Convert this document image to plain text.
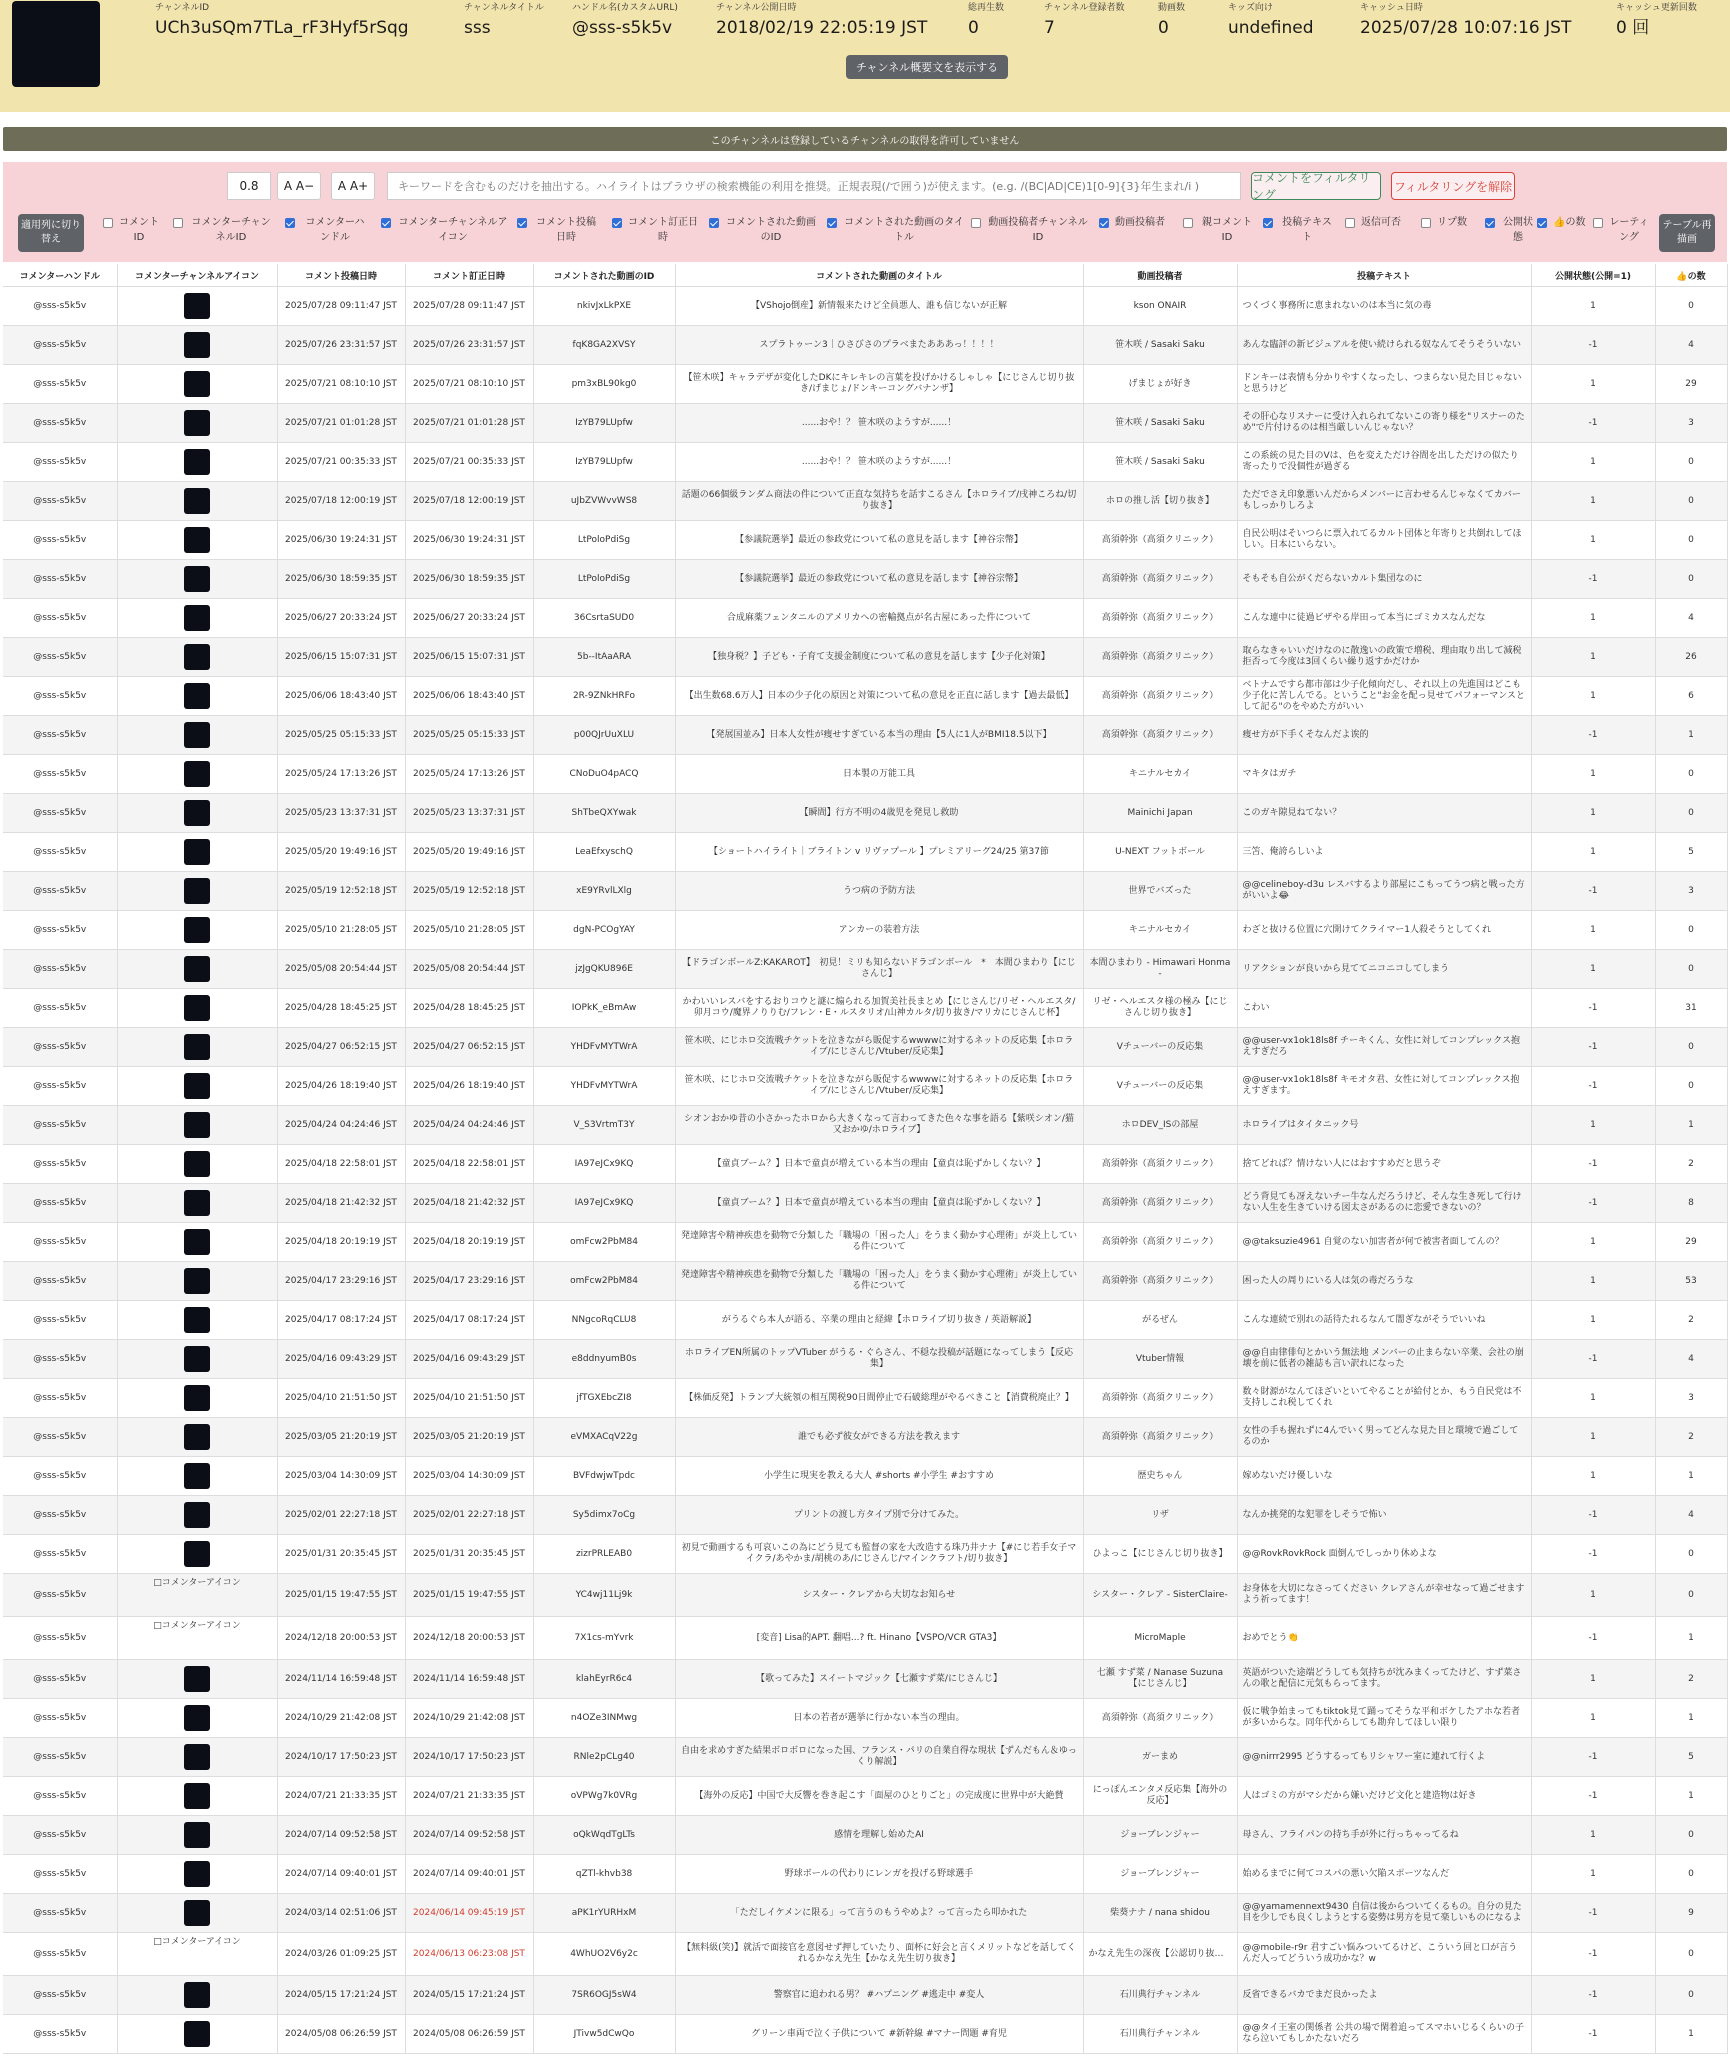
チャンネルID
UCh3uSQm7TLa_rF3Hyf5rSqg
チャンネルタイトル
sss
ハンドル名(カスタムURL)
@sss-s5k5v
チャンネル公開日時
2018/02/19 22:05:19 JST
総再生数
0
チャンネル登録者数
7
動画数
0
キッズ向け
undefined
キャッシュ日時
2025/07/28 10:07:16 JST
キャッシュ更新回数
0 回
チャンネル概要文を表示する
このチャンネルは登録しているチャンネルの取得を許可していません
0.8	A A−	A A+	キーワードを含むものだけを抽出する。ハイライトはブラウザの検索機能の利用を推奨。正規表現(/で囲う)が使えます。(e.g. /(BC|AD|CE)1[0-9]{3}年生まれ/i )
コメントをフィルタリング
フィルタリングを解除
適用列に切り替え
コメントID
コメンターチャンネルID
コメンターハンドル
コメンターチャンネルアイコン
コメント投稿日時
コメント訂正日時
コメントされた動画のID
コメントされた動画のタイトル
動画投稿者チャンネルID
動画投稿者	親コメントID
投稿テキスト
返信可否	リプ数	公開状態
👍の数 レーティング
テーブル再描画
コメンターハンドル	コメンターチャンネルアイコン	コメント投稿日時	コメント訂正日時	コメントされた動画のID	コメントされた動画のタイトル	動画投稿者	投稿テキスト	公開状態(公開=1)	👍の数
@sss-s5k5v		2025/07/28 09:11:47 JST	2025/07/28 09:11:47 JST	nkivJxLkPXE	【VShojo倒産】新情報来たけど全員悪人、誰も信じないが正解	kson ONAIR	つくづく事務所に恵まれないのは本当に気の毒	1	0
@sss-s5k5v		2025/07/26 23:31:57 JST	2025/07/26 23:31:57 JST	fqK8GA2XVSY	スプラトゥーン3｜ひさびさのプラベまたあああっ！！！！	笹木咲 / Sasaki Saku	あんな臨評の新ビジュアルを使い続けられる奴なんてそうそういない	-1	4
@sss-s5k5v		2025/07/21 08:10:10 JST	2025/07/21 08:10:10 JST	pm3xBL90kg0	【笹木咲】キャラデザが変化したDKにキレキレの言葉を投げかけるしゃしゃ【にじさんじ切り抜き/げまじょ/ドンキーコングバナンザ】	げまじょが好き	ドンキーは表情も分かりやすくなったし、つまらない見た目じゃないと思うけど	1	29
@sss-s5k5v		2025/07/21 01:01:28 JST	2025/07/21 01:01:28 JST	IzYB79LUpfw	......おや！？ 笹木咲のようすが......！	笹木咲 / Sasaki Saku	その肝心なリスナーに受け入れられてないこの寄り様を"リスナーのため"で片付けるのは相当厳しいんじゃない？	-1	3
@sss-s5k5v		2025/07/21 00:35:33 JST	2025/07/21 00:35:33 JST	IzYB79LUpfw	......おや！？ 笹木咲のようすが......！	笹木咲 / Sasaki Saku	この系統の見た目のVは、色を変えただけ谷間を出しただけの似たり寄ったりで没個性が過ぎる	1	0
@sss-s5k5v		2025/07/18 12:00:19 JST	2025/07/18 12:00:19 JST	uJbZVWvvWS8	話題の66個級ランダム商法の件について正直な気持ちを話すこるさん【ホロライブ/戌神ころね/切り抜き】	ホロの推し活【切り抜き】	ただでさえ印象悪いんだからメンバーに言わせるんじゃなくてカバーもしっかりしろよ	1	0
@sss-s5k5v		2025/06/30 19:24:31 JST	2025/06/30 19:24:31 JST	LtPoloPdiSg	【参議院選挙】最近の参政党について私の意見を話します【神谷宗幣】	高須幹弥（高須クリニック）	自民公明はそいつらに票入れてるカルト団体と年寄りと共倒れしてほしい。日本にいらない。	1	0
@sss-s5k5v		2025/06/30 18:59:35 JST	2025/06/30 18:59:35 JST	LtPoloPdiSg	【参議院選挙】最近の参政党について私の意見を話します【神谷宗幣】	高須幹弥（高須クリニック）	そもそも自公がくだらないカルト集団なのに	-1	0
@sss-s5k5v		2025/06/27 20:33:24 JST	2025/06/27 20:33:24 JST	36CsrtaSUD0	合成麻薬フェンタニルのアメリカへの密輸拠点が名古屋にあった件について	高須幹弥（高須クリニック）	こんな連中に徒過ビザやる岸田って本当にゴミカスなんだな	1	4
@sss-s5k5v		2025/06/15 15:07:31 JST	2025/06/15 15:07:31 JST	5b--ItAaARA	【独身税？】子ども・子育て支援金制度について私の意見を話します【少子化対策】	高須幹弥（高須クリニック）	取らなきゃいいだけなのに散逸いの政策で増税、理由取り出して減税拒否って今度は3回くらい繰り返すかだけか	1	26
@sss-s5k5v		2025/06/06 18:43:40 JST	2025/06/06 18:43:40 JST	2R-9ZNkHRFo	【出生数68.6万人】日本の少子化の原因と対策について私の意見を正直に話します【過去最低】	高須幹弥（高須クリニック）	ベトナムですら都市部は少子化傾向だし、それ以上の先進国はどこも少子化に苦しんでる。ということ"お金を配っ見せてパフォーマンスとして記る"のをやめた方がいい	1	6
@sss-s5k5v		2025/05/25 05:15:33 JST	2025/05/25 05:15:33 JST	p00QJrUuXLU	【発展国並み】日本人女性が痩せすぎている本当の理由【5人に1人がBMI18.5以下】	高須幹弥（高須クリニック）	痩せ方が下手くそなんだよ诶的	-1	1
@sss-s5k5v		2025/05/24 17:13:26 JST	2025/05/24 17:13:26 JST	CNoDuO4pACQ	日本製の万能工具	キニナルセカイ	マキタはガチ	1	0
@sss-s5k5v		2025/05/23 13:37:31 JST	2025/05/23 13:37:31 JST	ShTbeQXYwak	【瞬間】行方不明の4歳児を発見し救助	Mainichi Japan	このガキ隙見ねてない？	1	0
@sss-s5k5v		2025/05/20 19:49:16 JST	2025/05/20 19:49:16 JST	LeaEfxyschQ	【ショートハイライト｜ブライトン v リヴァプール 】プレミアリーグ24/25 第37節	U-NEXT フットボール	三笘、俺誇らしいよ	1	5
@sss-s5k5v		2025/05/19 12:52:18 JST	2025/05/19 12:52:18 JST	xE9YRvlLXlg	うつ病の予防方法	世界でバズった	@@celineboy-d3u レスバするより部屋にこもってうつ病と戦った方がいいよ😂	-1	3
@sss-s5k5v		2025/05/10 21:28:05 JST	2025/05/10 21:28:05 JST	dgN-PCOgYAY	アンカーの装着方法	キニナルセカイ	わざと抜ける位置に穴開けてクライマー1人殺そうとしてくれ	1	0
@sss-s5k5v		2025/05/08 20:54:44 JST	2025/05/08 20:54:44 JST	jzJgQKU896E	【ドラゴンボールZ:KAKAROT】　初見！ミリも知らないドラゴンボール　*　本間ひまわり【にじさんじ】	本間ひまわり - Himawari Honma -	リアクションが良いから見ててニコニコしてしまう	1	0
@sss-s5k5v		2025/04/28 18:45:25 JST	2025/04/28 18:45:25 JST	IOPkK_eBmAw	かわいいレスバをするおりコウと謎に煽られる加賀美社長まとめ【にじさんじ/リゼ・ヘルエスタ/卯月コウ/魔界ノりりむ/フレン・E・ルスタリオ/山神カルタ/切り抜き/マリカにじさんじ杯】	リゼ・ヘルエスタ様の極み【にじさんじ切り抜き】	こわい	-1	31
@sss-s5k5v		2025/04/27 06:52:15 JST	2025/04/27 06:52:15 JST	YHDFvMYTWrA	笹木咲、にじホロ交流戦チケットを泣きながら販促するwwwwに対するネットの反応集【ホロライブ/にじさんじ/Vtuber/反応集】	Vチューバーの反応集	@@user-vx1ok18ls8f チーキくん、女性に対してコンプレックス抱えすぎだろ	-1	0
@sss-s5k5v		2025/04/26 18:19:40 JST	2025/04/26 18:19:40 JST	YHDFvMYTWrA	笹木咲、にじホロ交流戦チケットを泣きながら販促するwwwwに対するネットの反応集【ホロライブ/にじさんじ/Vtuber/反応集】	Vチューバーの反応集	@@user-vx1ok18ls8f キモオタ君、女性に対してコンプレックス抱えすぎます。	-1	0
@sss-s5k5v		2025/04/24 04:24:46 JST	2025/04/24 04:24:46 JST	V_S3VrtmT3Y	シオンおかゆ昔の小さかったホロから大きくなって言わってきた色々な事を語る【紫咲シオン/猫又おかゆ/ホロライブ】	ホロDEV_ISの部屋	ホロライブはタイタニック号	1	1
@sss-s5k5v		2025/04/18 22:58:01 JST	2025/04/18 22:58:01 JST	IA97eJCx9KQ	【童貞ブーム？】日本で童貞が増えている本当の理由【童貞は恥ずかしくない？】	高須幹弥（高須クリニック）	捨てどれば？情けない人にはおすすめだと思うぞ	-1	2
@sss-s5k5v		2025/04/18 21:42:32 JST	2025/04/18 21:42:32 JST	IA97eJCx9KQ	【童貞ブーム？】日本で童貞が増えている本当の理由【童貞は恥ずかしくない？】	高須幹弥（高須クリニック）	どう背見ても冴えないチー牛なんだろうけど、そんな生き死して行けない人生を生きていける図太さがあるのに恋愛できないの？	-1	8
@sss-s5k5v		2025/04/18 20:19:19 JST	2025/04/18 20:19:19 JST	omFcw2PbM84	発達障害や精神疾患を動物で分類した「職場の「困った人」をうまく動かす心理術」が炎上している件について	高須幹弥（高須クリニック）	@@taksuzie4961 自覚のない加害者が何で被害者面してんの？	1	29
@sss-s5k5v		2025/04/17 23:29:16 JST	2025/04/17 23:29:16 JST	omFcw2PbM84	発達障害や精神疾患を動物で分類した「職場の「困った人」をうまく動かす心理術」が炎上している件について	高須幹弥（高須クリニック）	困った人の周りにいる人は気の毒だろうな	1	53
@sss-s5k5v		2025/04/17 08:17:24 JST	2025/04/17 08:17:24 JST	NNgcoRqCLU8	がうるぐら本人が語る、卒業の理由と経緯【ホロライブ切り抜き / 英語解説】	がるぜん	こんな連続で別れの話待たれるなんて闇ぎながそうでいいね	1	2
@sss-s5k5v		2025/04/16 09:43:29 JST	2025/04/16 09:43:29 JST	e8ddnyumB0s	ホロライブEN所属のトップVTuber がうる・ぐらさん、不穏な投稿が話題になってしまう【反応集】	Vtuber情報	@@自由律俳句とかいう無法地 メンバーの止まらない卒業、会社の崩壊を前に低者の雑誌も言い訳れになった	-1	4
@sss-s5k5v		2025/04/10 21:51:50 JST	2025/04/10 21:51:50 JST	jfTGXEbcZI8	【株価反発】トランプ大統領の相互関税90日間停止で石破総理がやるべきこと【消費税廃止？】	高須幹弥（高須クリニック）	数々財源がなんてほざいといてやることが給付とか、もう自民党は不支持しこれ税してくれ	1	3
@sss-s5k5v		2025/03/05 21:20:19 JST	2025/03/05 21:20:19 JST	eVMXACqV22g	誰でも必ず彼女ができる方法を教えます	高須幹弥（高須クリニック）	女性の手も握れずに4んでいく男ってどんな見た目と環境で過ごしてるのか	1	2
@sss-s5k5v		2025/03/04 14:30:09 JST	2025/03/04 14:30:09 JST	BVFdwjwTpdc	小学生に現実を教える大人 #shorts #小学生 #おすすめ	歴史ちゃん	嫁めないだけ優しいな	1	1
@sss-s5k5v		2025/02/01 22:27:18 JST	2025/02/01 22:27:18 JST	Sy5dimx7oCg	プリントの渡し方タイプ別で分けてみた。	リザ	なんか挑発的な犯罪をしそうで怖い	-1	4
@sss-s5k5v		2025/01/31 20:35:45 JST	2025/01/31 20:35:45 JST	zizrPRLEAB0	初見で動画するも可哀いこの為にどう見ても監督の家を大改造する珠乃井ナナ【#にじ若手女子マイクラ/あやかま/胡桃のあ/にじさんじ/マインクラフト/切り抜き】	ひよっこ【にじさんじ切り抜き】	@@RovkRovkRock 面倒んでしっかり休めよな	-1	0
@sss-s5k5v	□コメンターアイコン	2025/01/15 19:47:55 JST	2025/01/15 19:47:55 JST	YC4wj11Lj9k	シスター・クレアから大切なお知らせ	シスター・クレア - SisterClaire-	お身体を大切になさってください クレアさんが幸せなって過ごせますよう祈ってます！	1	0
@sss-s5k5v	□コメンターアイコン	2024/12/18 20:00:53 JST	2024/12/18 20:00:53 JST	7X1cs-mYvrk	[変音] Lisa的APT. 翻唱...? ft. Hinano【VSPO/VCR GTA3】	MicroMaple	おめでとう👏	-1	1
@sss-s5k5v		2024/11/14 16:59:48 JST	2024/11/14 16:59:48 JST	klahEyrR6c4	【歌ってみた】スイートマジック【七瀬すず菜/にじさんじ】	七瀬 すず菜 / Nanase Suzuna【にじさんじ】	英語がついた途端どうしても気持ちが沈みまくってたけど、すず菜さんの歌と配信に元気もらってます。	1	2
@sss-s5k5v		2024/10/29 21:42:08 JST	2024/10/29 21:42:08 JST	n4OZe3INMwg	日本の若者が選挙に行かない本当の理由。	高須幹弥（高須クリニック）	仮に戦争始まってもtiktok見て踊ってそうな平和ボケしたアホな若者が多いからな。同年代からしても勘弁してほしい限り	1	1
@sss-s5k5v		2024/10/17 17:50:23 JST	2024/10/17 17:50:23 JST	RNle2pCLg40	自由を求めすぎた結果ボロボロになった国、フランス・パリの自業自得な現状【ずんだもん＆ゆっくり解説】	ガーまめ	@@nirrr2995 どうするってもリシャワー室に連れて行くよ	-1	5
@sss-s5k5v		2024/07/21 21:33:35 JST	2024/07/21 21:33:35 JST	oVPWg7k0VRg	【海外の反応】中国で大反響を巻き起こす「面屋のひとりごと」の完成度に世界中が大絶賛	にっぽんエンタメ反応集【海外の反応】	人はゴミの方がマシだから嫌いだけど文化と建造物は好き	-1	1
@sss-s5k5v		2024/07/14 09:52:58 JST	2024/07/14 09:52:58 JST	oQkWqdTgLTs	感情を理解し始めたAI	ジョーブレンジャー	母さん、フライパンの持ち手が外に行っちゃってるね	1	0
@sss-s5k5v		2024/07/14 09:40:01 JST	2024/07/14 09:40:01 JST	qZTl-khvb38	野球ボールの代わりにレンガを投げる野球選手	ジョーブレンジャー	始めるまでに何てコスパの悪い欠陥スポーツなんだ	1	0
@sss-s5k5v		2024/03/14 02:51:06 JST	2024/06/14 09:45:19 JST	aPK1rYURHxM	「ただしイケメンに限る」って言うのもうやめよ？って言ったら叩かれた	柴葵ナナ / nana shidou	@@yamamennext9430 自信は後からついてくるもの。自分の見た目を少しでも良くしようとする姿勢は男方を見て楽しいものになるよ	-1	9
@sss-s5k5v	□コメンターアイコン	2024/03/26 01:09:25 JST	2024/06/13 06:23:08 JST	4WhUO2V6y2c	【無料級(笑)】就活で面接官を意図せず押していたり、面杯に好会と言くメリットなどを話してくれるかなえ先生【かなえ先生切り抜き】	かなえ先生の深夜【公認切り抜き】	@@mobile-r9r 君すごい悩みついてるけど、こういう回と口が言うんだ人ってどういう成功かな？w	-1	0
@sss-s5k5v		2024/05/15 17:21:24 JST	2024/05/15 17:21:24 JST	7SR6OGJ5sW4	警察官に追われる男？ #ハプニング #逃走中 #変人	石川典行チャンネル	反省できるバカでまだ良かったよ	-1	0
@sss-s5k5v		2024/05/08 06:26:59 JST	2024/05/08 06:26:59 JST	JTivw5dCwQo	グリーン車両で泣く子供について #新幹線 #マナー問題 #育児	石川典行チャンネル	@@タイ王室の関係者 公共の場で閑着追ってスマホいじるくらいの子なら泣いてもしかたないだろ	-1	1
